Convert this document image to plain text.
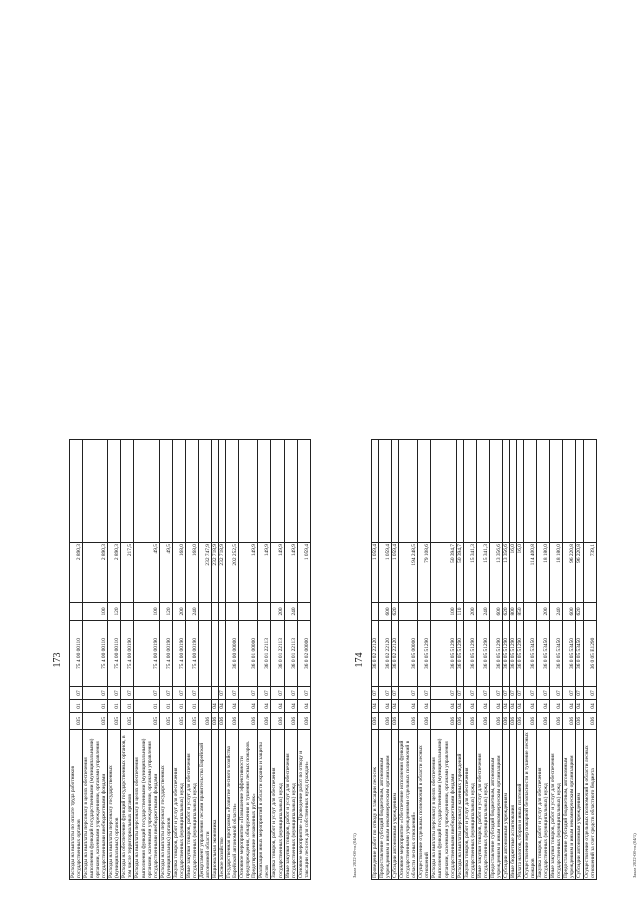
173
Расходы на выплаты по оплате труда работников государственных органов	035	01	07	75 4 00 00110		2 890,3	
Расходы на выплаты персоналу в целях обеспечения выполнения функций государственными (муниципальными) органами, казенными учреждениями, органами управления государственными внебюджетными фондами	035	01	07	75 4 00 00110	100	2 890,3	
Расходы на выплаты персоналу государственных (муниципальных) органов	035	01	07	75 4 00 00110	120	2 890,3	
Расходы на обеспечение функций государственных органов, в том числе территориальных органов	035	01	07	75 4 00 00190		217,5	
Расходы на выплаты персоналу в целях обеспечения выполнения функций государственными (муниципальными) органами, казенными учреждениями, органами управления государственными внебюджетными фондами	035	01	07	75 4 00 00190	100	49,5	
Расходы на выплаты персоналу государственных (муниципальных) органов	035	01	07	75 4 00 00190	120	49,5	
Закупка товаров, работ и услуг для обеспечения государственных (муниципальных) нужд	035	01	07	75 4 00 00190	200	168,0	
Иные закупки товаров, работ и услуг для обеспечения государственных (муниципальных) нужд	035	01	07	75 4 00 00190	240	168,0	
Департамент управления лесами правительства Еврейской автономной области	036					232 747,9	
Национальная экономика	036	04				232 718,9	
Лесное хозяйство	036	04	07			232 718,9	
Государственная программа «Развитие лесного хозяйства Еврейской автономной области»	036	04	07	36 0 00 00000		202 252,5	
Основное мероприятие «Повышение эффективности предупреждения, обнаружения и тушения лесных пожаров. Предотвращение незаконных рубок»	036	04	07	36 0 01 00000		149,9	
Реализация иных мероприятий в области охраны и защиты лесов	036	04	07	36 0 01 22113		149,9	
Закупка товаров, работ и услуг для обеспечения государственных (муниципальных) нужд	036	04	07	36 0 01 22113	200	149,9	
Иные закупки товаров, работ и услуг для обеспечения государственных (муниципальных) нужд	036	04	07	36 0 01 22113	240	149,9	
Основное мероприятие «Проведение работ по отводу и таксации лесосек для собственных нужд граждан»	036	04	07	36 0 02 00000		1 059,4	
174
Проведение работ по отводу и таксации лесосек	036	04	07	36 0 02 22120		1 059,4	
Предоставление субсидий бюджетным, автономным учреждениям и иным некоммерческим организациям	036	04	07	36 0 02 22120	600	1 059,4	
Субсидии автономным учреждениям	036	04	07	36 0 02 22120	620	1 059,4	
Основное мероприятие «Обеспечение исполнения функций государственными учреждениями отдельных полномочий в области лесных отношений»	036	04	07	36 0 05 00000		194 248,5	
Осуществление отдельных полномочий в области лесных отношений	036	04	07	36 0 05 51290		79 108,6	
Расходы на выплаты персоналу в целях обеспечения выполнения функций государственными (муниципальными) органами, казенными учреждениями, органами управления государственными внебюджетными фондами	036	04	07	36 0 05 51290	100	50 394,7	
Расходы на выплаты персоналу казенных учреждений	036	04	07	36 0 05 51290	110	50 394,7	
Закупка товаров, работ и услуг для обеспечения государственных (муниципальных) нужд	036	04	07	36 0 05 51290	200	15 341,3	
Иные закупки товаров, работ и услуг для обеспечения государственных (муниципальных) нужд	036	04	07	36 0 05 51290	240	15 341,3	
Предоставление субсидий бюджетным, автономным учреждениям и иным некоммерческим организациям	036	04	07	36 0 05 51290	600	13 356,6	
Субсидии автономным учреждениям	036	04	07	36 0 05 51290	620	13 356,6	
Иные бюджетные ассигнования	036	04	07	36 0 05 51290	800	16,0	
Уплата налогов, сборов и иных платежей	036	04	07	36 0 05 51290	850	16,0	
Осуществление мер пожарной безопасности и тушение лесных пожаров	036	04	07	36 0 05 53450		114 400,8	
Закупка товаров, работ и услуг для обеспечения государственных (муниципальных) нужд	036	04	07	36 0 05 53450	200	18 180,0	
Иные закупки товаров, работ и услуг для обеспечения государственных (муниципальных) нужд	036	04	07	36 0 05 53450	240	18 180,0	
Предоставление субсидий бюджетным, автономным учреждениям и иным некоммерческим организациям	036	04	07	36 0 05 53450	600	96 220,8	
Субсидии автономным учреждениям	036	04	07	36 0 05 53450	620	96 220,8	
Осуществление отдельных полномочий в области лесных отношений за счет средств областного бюджета	036	04	07	36 0 05 E1290		739,1	
Заказ 2022-08-гл.(04/1)	Заказ 2022-08-гл.(04/1)
